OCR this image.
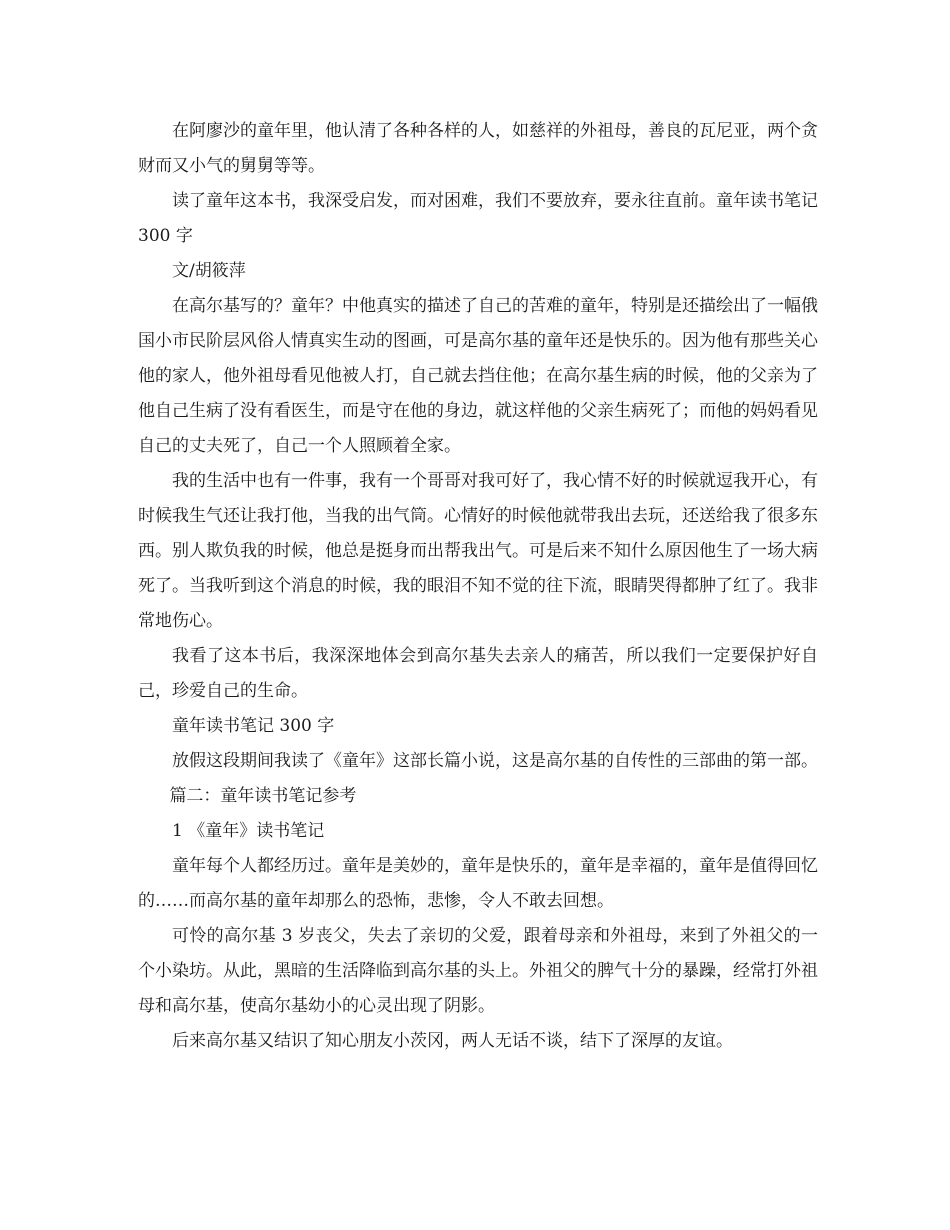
在阿廖沙的童年里，他认清了各种各样的人，如慈祥的外祖母，善良的瓦尼亚，两个贪财而又小气的舅舅等等。

读了童年这本书，我深受启发，而对困难，我们不要放弃，要永往直前。童年读书笔记 300 字

文/胡筱萍

在高尔基写的？童年？中他真实的描述了自己的苦难的童年，特别是还描绘出了一幅俄国小市民阶层风俗人情真实生动的图画，可是高尔基的童年还是快乐的。因为他有那些关心他的家人，他外祖母看见他被人打，自己就去挡住他；在高尔基生病的时候，他的父亲为了他自己生病了没有看医生，而是守在他的身边，就这样他的父亲生病死了；而他的妈妈看见自己的丈夫死了，自己一个人照顾着全家。

我的生活中也有一件事，我有一个哥哥对我可好了，我心情不好的时候就逗我开心，有时候我生气还让我打他，当我的出气筒。心情好的时候他就带我出去玩，还送给我了很多东西。别人欺负我的时候，他总是挺身而出帮我出气。可是后来不知什么原因他生了一场大病死了。当我听到这个消息的时候，我的眼泪不知不觉的往下流，眼睛哭得都肿了红了。我非常地伤心。

我看了这本书后，我深深地体会到高尔基失去亲人的痛苦，所以我们一定要保护好自己，珍爱自己的生命。

童年读书笔记 300 字

放假这段期间我读了《童年》这部长篇小说，这是高尔基的自传性的三部曲的第一部。

篇二：童年读书笔记参考

1 《童年》读书笔记

童年每个人都经历过。童年是美妙的，童年是快乐的，童年是幸福的，童年是值得回忆的……而高尔基的童年却那么的恐怖，悲惨，令人不敢去回想。

可怜的高尔基 3 岁丧父，失去了亲切的父爱，跟着母亲和外祖母，来到了外祖父的一个小染坊。从此，黑暗的生活降临到高尔基的头上。外祖父的脾气十分的暴躁，经常打外祖母和高尔基，使高尔基幼小的心灵出现了阴影。

后来高尔基又结识了知心朋友小茨冈，两人无话不谈，结下了深厚的友谊。
